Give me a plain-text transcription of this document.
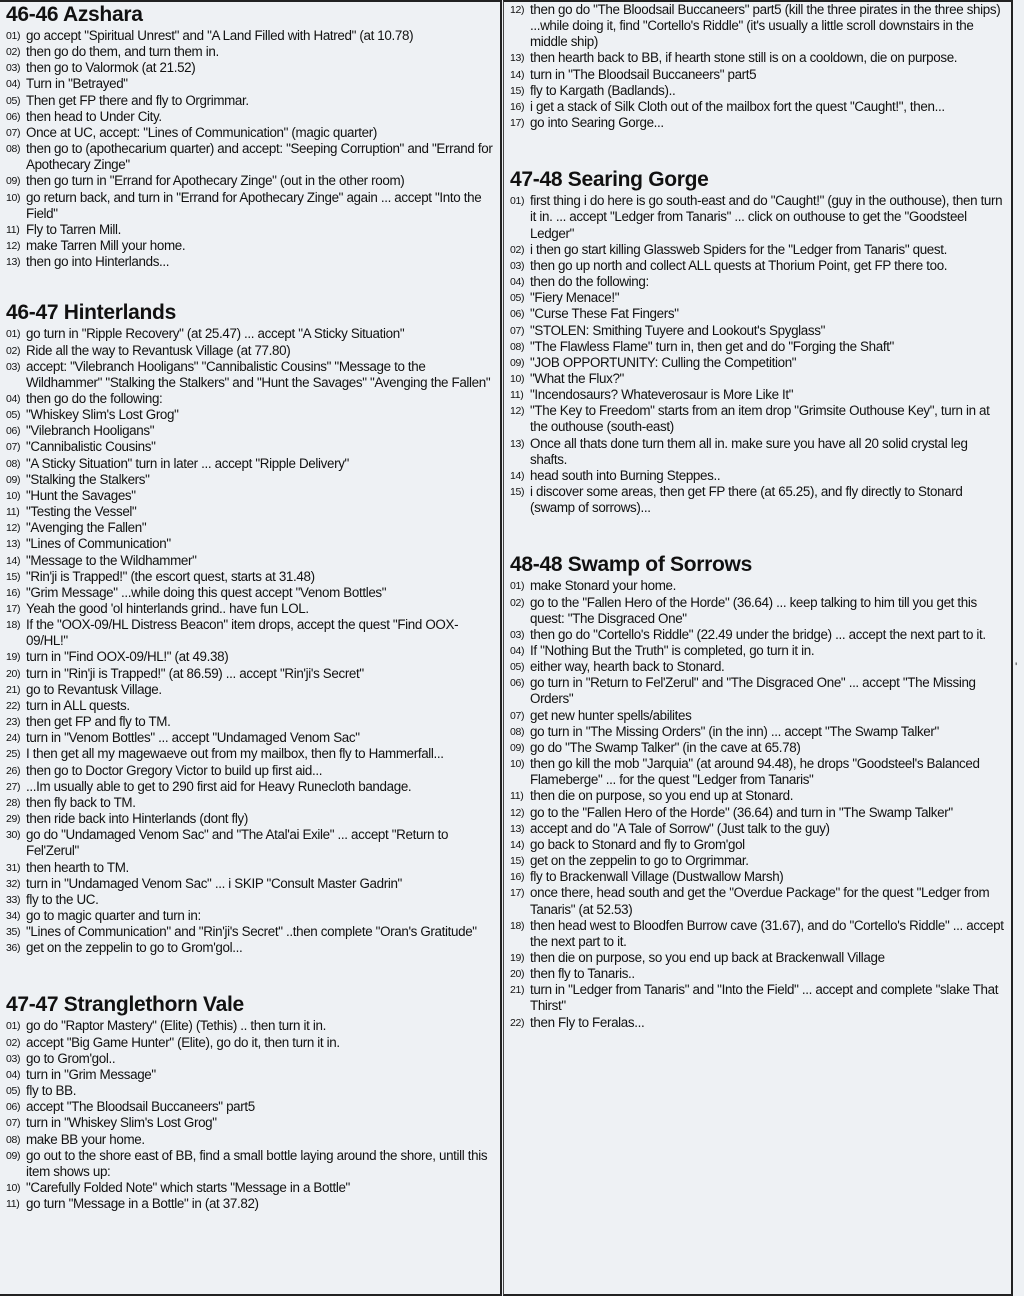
46-46 Azshara
01) go accept "Spiritual Unrest" and "A Land Filled with Hatred" (at 10.78)
02) then go do them, and turn them in.
03) then go to Valormok (at 21.52)
04) Turn in "Betrayed"
05) Then get FP there and fly to Orgrimmar.
06) then head to Under City.
07) Once at UC, accept: "Lines of Communication" (magic quarter)
08) then go to (apothecarium quarter) and accept: "Seeping Corruption" and "Errand for Apothecary Zinge"
09) then go turn in "Errand for Apothecary Zinge" (out in the other room)
10) go return back, and turn in "Errand for Apothecary Zinge" again ... accept "Into the Field"
11) Fly to Tarren Mill.
12) make Tarren Mill your home.
13) then go into Hinterlands...
46-47 Hinterlands
01) go turn in "Ripple Recovery" (at 25.47) ... accept "A Sticky Situation"
02) Ride all the way to Revantusk Village (at 77.80)
03) accept: "Vilebranch Hooligans" "Cannibalistic Cousins" "Message to the Wildhammer" "Stalking the Stalkers" and "Hunt the Savages" "Avenging the Fallen"
04) then go do the following:
05) "Whiskey Slim's Lost Grog"
06) "Vilebranch Hooligans"
07) "Cannibalistic Cousins"
08) "A Sticky Situation" turn in later ... accept "Ripple Delivery"
09) "Stalking the Stalkers"
10) "Hunt the Savages"
11) "Testing the Vessel"
12) "Avenging the Fallen"
13) "Lines of Communication"
14) "Message to the Wildhammer"
15) "Rin'ji is Trapped!" (the escort quest, starts at 31.48)
16) "Grim Message" ...while doing this quest accept "Venom Bottles"
17) Yeah the good 'ol hinterlands grind.. have fun LOL.
18) If the "OOX-09/HL Distress Beacon" item drops, accept the quest "Find OOX-09/HL!"
19) turn in "Find OOX-09/HL!" (at 49.38)
20) turn in "Rin'ji is Trapped!" (at 86.59) ... accept "Rin'ji's Secret"
21) go to Revantusk Village.
22) turn in ALL quests.
23) then get FP and fly to TM.
24) turn in "Venom Bottles" ... accept "Undamaged Venom Sac"
25) I then get all my magewaeve out from my mailbox, then fly to Hammerfall...
26) then go to Doctor Gregory Victor to build up first aid...
27) ...Im usually able to get to 290 first aid for Heavy Runecloth bandage.
28) then fly back to TM.
29) then ride back into Hinterlands (dont fly)
30) go do "Undamaged Venom Sac" and "The Atal'ai Exile" ... accept "Return to Fel'Zerul"
31) then hearth to TM.
32) turn in "Undamaged Venom Sac" ... i SKIP "Consult Master Gadrin"
33) fly to the UC.
34) go to magic quarter and turn in:
35) "Lines of Communication" and "Rin'ji's Secret" ..then complete "Oran's Gratitude"
36) get on the zeppelin to go to Grom'gol...
47-47 Stranglethorn Vale
01) go do "Raptor Mastery" (Elite) (Tethis) .. then turn it in.
02) accept "Big Game Hunter" (Elite), go do it, then turn it in.
03) go to Grom'gol..
04) turn in "Grim Message"
05) fly to BB.
06) accept "The Bloodsail Buccaneers" part5
07) turn in "Whiskey Slim's Lost Grog"
08) make BB your home.
09) go out to the shore east of BB, find a small bottle laying around the shore, untill this item shows up:
10) "Carefully Folded Note" which starts "Message in a Bottle"
11) go turn "Message in a Bottle" in (at 37.82)
12) then go do "The Bloodsail Buccaneers" part5 (kill the three pirates in the three ships) ...while doing it, find "Cortello's Riddle" (it's usually a little scroll downstairs in the middle ship)
13) then hearth back to BB, if hearth stone still is on a cooldown, die on purpose.
14) turn in "The Bloodsail Buccaneers" part5
15) fly to Kargath (Badlands)..
16) i get a stack of Silk Cloth out of the mailbox fort the quest "Caught!", then...
17) go into Searing Gorge...
47-48 Searing Gorge
01) first thing i do here is go south-east and do "Caught!" (guy in the outhouse), then turn it in. ... accept "Ledger from Tanaris" ... click on outhouse to get the "Goodsteel Ledger"
02) i then go start killing Glassweb Spiders for the "Ledger from Tanaris" quest.
03) then go up north and collect ALL quests at Thorium Point, get FP there too.
04) then do the following:
05) "Fiery Menace!"
06) "Curse These Fat Fingers"
07) "STOLEN: Smithing Tuyere and Lookout's Spyglass"
08) "The Flawless Flame" turn in, then get and do "Forging the Shaft"
09) "JOB OPPORTUNITY: Culling the Competition"
10) "What the Flux?"
11) "Incendosaurs? Whateverosaur is More Like It"
12) "The Key to Freedom" starts from an item drop "Grimsite Outhouse Key", turn in at the outhouse (south-east)
13) Once all thats done turn them all in. make sure you have all 20 solid crystal leg shafts.
14) head south into Burning Steppes..
15) i discover some areas, then get FP there (at 65.25), and fly directly to Stonard (swamp of sorrows)...
48-48 Swamp of Sorrows
01) make Stonard your home.
02) go to the "Fallen Hero of the Horde" (36.64) ... keep talking to him till you get this quest: "The Disgraced One"
03) then go do "Cortello's Riddle" (22.49 under the bridge) ... accept the next part to it.
04) If "Nothing But the Truth" is completed, go turn it in.
05) either way, hearth back to Stonard.
06) go turn in "Return to Fel'Zerul" and "The Disgraced One" ... accept "The Missing Orders"
07) get new hunter spells/abilites
08) go turn in "The Missing Orders" (in the inn) ... accept "The Swamp Talker"
09) go do "The Swamp Talker" (in the cave at 65.78)
10) then go kill the mob "Jarquia" (at around 94.48), he drops "Goodsteel's Balanced Flameberge" ... for the quest "Ledger from Tanaris"
11) then die on purpose, so you end up at Stonard.
12) go to the "Fallen Hero of the Horde" (36.64) and turn in "The Swamp Talker"
13) accept and do "A Tale of Sorrow" (Just talk to the guy)
14) go back to Stonard and fly to Grom'gol
15) get on the zeppelin to go to Orgrimmar.
16) fly to Brackenwall Village (Dustwallow Marsh)
17) once there, head south and get the "Overdue Package" for the quest "Ledger from Tanaris" (at 52.53)
18) then head west to Bloodfen Burrow cave (31.67), and do "Cortello's Riddle" ... accept the next part to it.
19) then die on purpose, so you end up back at Brackenwall Village
20) then fly to Tanaris..
21) turn in "Ledger from Tanaris" and "Into the Field" ... accept and complete "slake That Thirst"
22) then Fly to Feralas...
'
